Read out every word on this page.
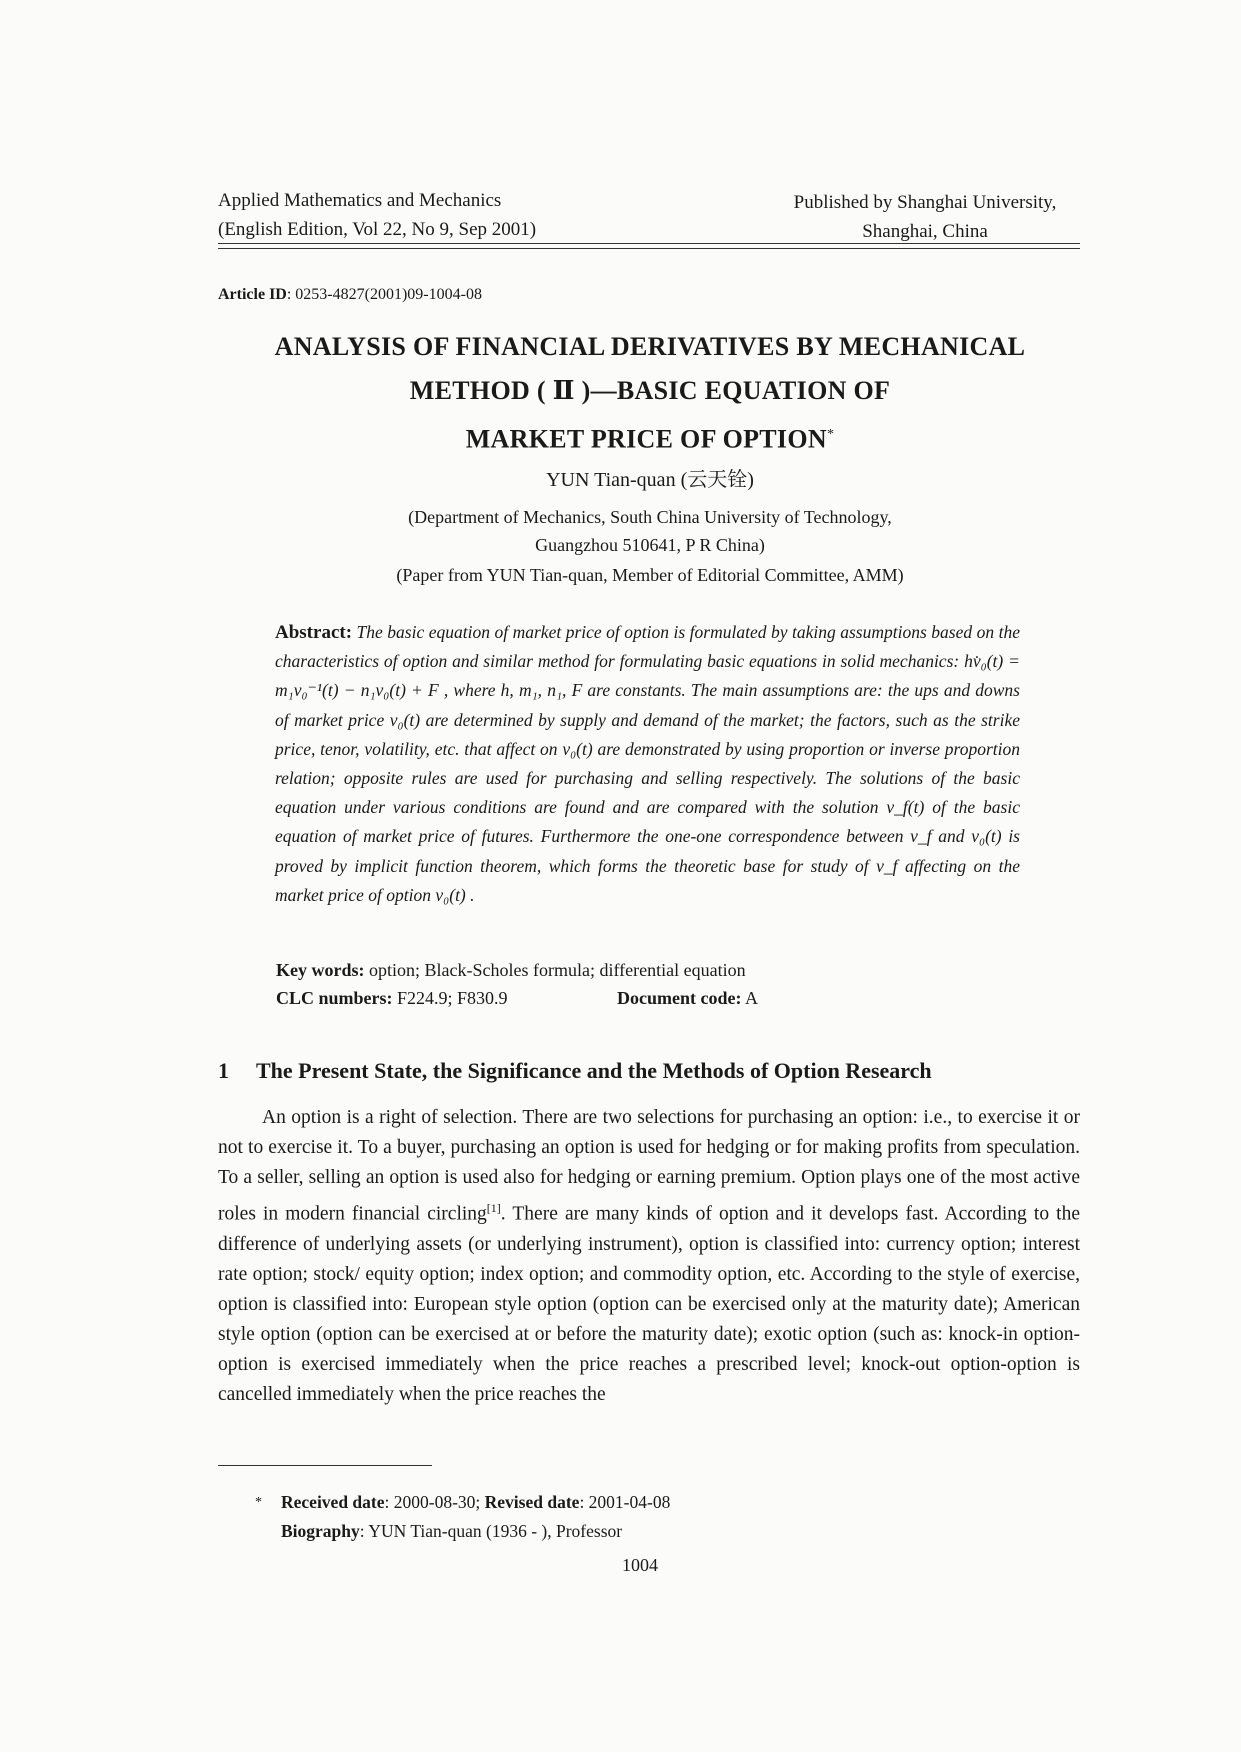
Applied Mathematics and Mechanics
(English Edition, Vol 22, No 9, Sep 2001)
Published by Shanghai University,
Shanghai, China
Article ID: 0253-4827(2001)09-1004-08
ANALYSIS OF FINANCIAL DERIVATIVES BY MECHANICAL
METHOD ( Ⅱ )—BASIC EQUATION OF
MARKET PRICE OF OPTION*
YUN Tian-quan (云天铨)
(Department of Mechanics, South China University of Technology,
Guangzhou 510641, P R China)
(Paper from YUN Tian-quan, Member of Editorial Committee, AMM)
Abstract: The basic equation of market price of option is formulated by taking assumptions based on the characteristics of option and similar method for formulating basic equations in solid mechanics: hv̇₀(t) = m₁v₀⁻¹(t) − n₁v₀(t) + F , where h, m₁, n₁, F are constants. The main assumptions are: the ups and downs of market price v₀(t) are determined by supply and demand of the market; the factors, such as the strike price, tenor, volatility, etc. that affect on v₀(t) are demonstrated by using proportion or inverse proportion relation; opposite rules are used for purchasing and selling respectively. The solutions of the basic equation under various conditions are found and are compared with the solution v_f(t) of the basic equation of market price of futures. Furthermore the one-one correspondence between v_f and v₀(t) is proved by implicit function theorem, which forms the theoretic base for study of v_f affecting on the market price of option v₀(t) .
Key words: option; Black-Scholes formula; differential equation
CLC numbers: F224.9; F830.9	Document code: A
1 The Present State, the Significance and the Methods of Option Research

An option is a right of selection. There are two selections for purchasing an option: i.e., to exercise it or not to exercise it. To a buyer, purchasing an option is used for hedging or for making profits from speculation. To a seller, selling an option is used also for hedging or earning premium. Option plays one of the most active roles in modern financial circling[1]. There are many kinds of option and it develops fast. According to the difference of underlying assets (or underlying instrument), option is classified into: currency option; interest rate option; stock/ equity option; index option; and commodity option, etc. According to the style of exercise, option is classified into: European style option (option can be exercised only at the maturity date); American style option (option can be exercised at or before the maturity date); exotic option (such as: knock-in option-option is exercised immediately when the price reaches a prescribed level; knock-out option-option is cancelled immediately when the price reaches the

* Received date: 2000-08-30; Revised date: 2001-04-08
Biography: YUN Tian-quan (1936 - ), Professor
1004
